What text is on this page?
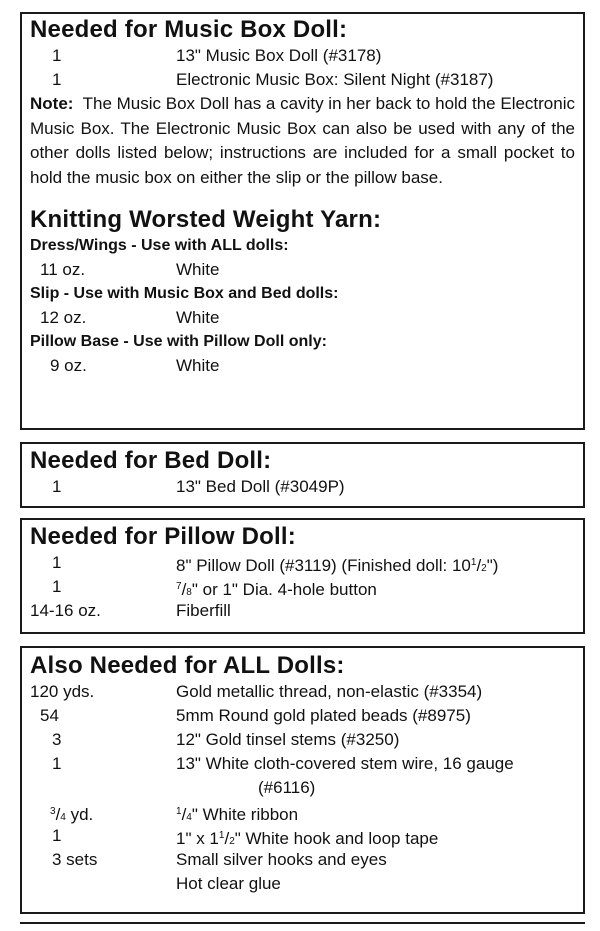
Needed for Music Box Doll:
1	13" Music Box Doll (#3178)
1	Electronic Music Box: Silent Night (#3187)

Note: The Music Box Doll has a cavity in her back to hold the Electronic Music Box. The Electronic Music Box can also be used with any of the other dolls listed below; instructions are included for a small pocket to hold the music box on either the slip or the pillow base.

Knitting Worsted Weight Yarn:
Dress/Wings - Use with ALL dolls:
11 oz.	White
Slip - Use with Music Box and Bed dolls:
12 oz.	White
Pillow Base - Use with Pillow Doll only:
9 oz.	White
Needed for Bed Doll:
1	13" Bed Doll (#3049P)
Needed for Pillow Doll:
1	8" Pillow Doll (#3119) (Finished doll: $10^1/2$")
1	$^7$/8" or 1" Dia. 4-hole button
14-16 oz.	Fiberfill
Also Needed for ALL Dolls:
120 yds.	Gold metallic thread, non-elastic (#3354)
54	5mm Round gold plated beads (#8975)
3	12" Gold tinsel stems (#3250)
1	13" White cloth-covered stem wire, 16 gauge
(#6116)
$^3$/4 yd.	$^1$/4" White ribbon
1	1" x $1^1/2$" White hook and loop tape
3 sets	Small silver hooks and eyes
Hot clear glue
